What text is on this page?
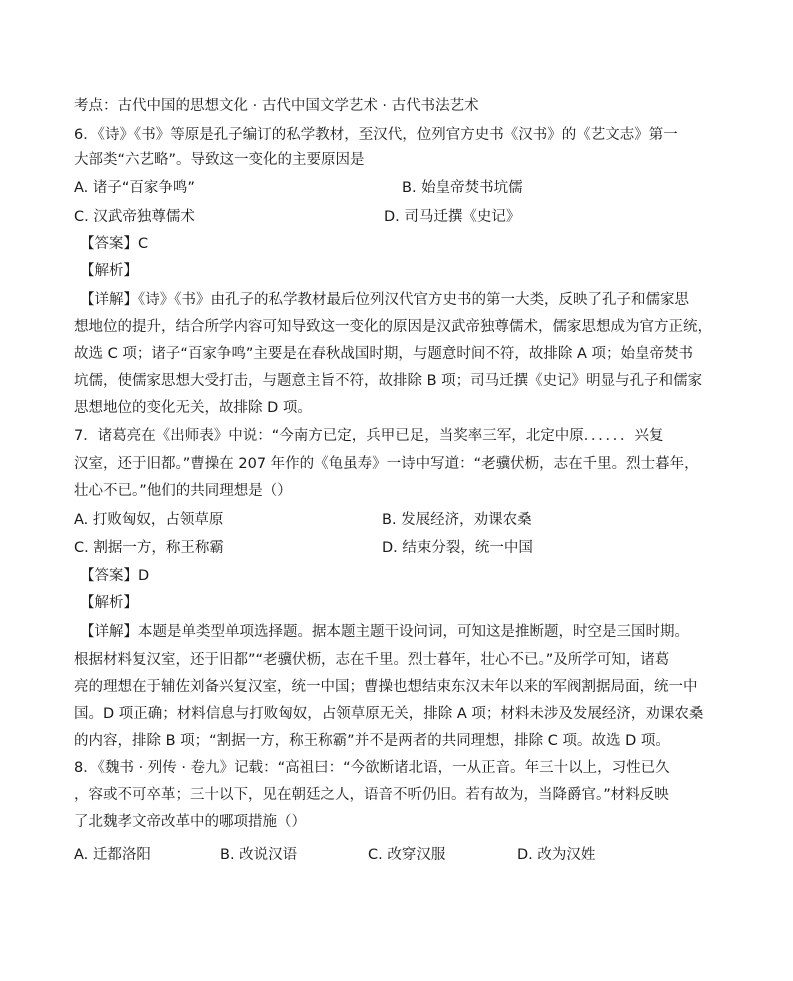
考点：古代中国的思想文化 · 古代中国文学艺术 · 古代书法艺术
6．《诗》《书》等原是孔子编订的私学教材，至汉代，位列官方史书《汉书》的《艺文志》第一
大部类“六艺略”。导致这一变化的主要原因是
A. 诸子“百家争鸣”	B. 始皇帝焚书坑儒
C. 汉武帝独尊儒术	D. 司马迁撰《史记》
【答案】C
【解析】
【详解】《诗》《书》由孔子的私学教材最后位列汉代官方史书的第一大类，反映了孔子和儒家思
想地位的提升，结合所学内容可知导致这一变化的原因是汉武帝独尊儒术，儒家思想成为官方正统，
故选 C 项；诸子“百家争鸣”主要是在春秋战国时期，与题意时间不符，故排除 A 项；始皇帝焚书
坑儒，使儒家思想大受打击，与题意主旨不符，故排除 B 项；司马迁撰《史记》明显与孔子和儒家
思想地位的变化无关，故排除 D 项。
7．诸葛亮在《出师表》中说：“今南方已定，兵甲已足，当奖率三军，北定中原．．．．．．兴复
汉室，还于旧都。”曹操在 207 年作的《龟虽寿》一诗中写道：“老骥伏枥，志在千里。烈士暮年，
壮心不已。”他们的共同理想是（）
A. 打败匈奴，占领草原	B. 发展经济，劝课农桑
C. 割据一方，称王称霸	D. 结束分裂，统一中国
【答案】D
【解析】
【详解】本题是单类型单项选择题。据本题主题干设问词，可知这是推断题，时空是三国时期。
根据材料复汉室，还于旧都”“老骥伏枥，志在千里。烈士暮年，壮心不已。”及所学可知，诸葛
亮的理想在于辅佐刘备兴复汉室，统一中国；曹操也想结束东汉末年以来的军阀割据局面，统一中
国。D 项正确；材料信息与打败匈奴，占领草原无关，排除 A 项；材料未涉及发展经济，劝课农桑
的内容，排除 B 项；“割据一方，称王称霸”并不是两者的共同理想，排除 C 项。故选 D 项。
8．《魏书 · 列传 · 卷九》记载：“高祖曰：“今欲断诸北语，一从正音。年三十以上，习性已久
，容或不可卒革；三十以下，见在朝廷之人，语音不听仍旧。若有故为，当降爵官。”材料反映
了北魏孝文帝改革中的哪项措施（）
A. 迁都洛阳	B. 改说汉语	C. 改穿汉服	D. 改为汉姓
